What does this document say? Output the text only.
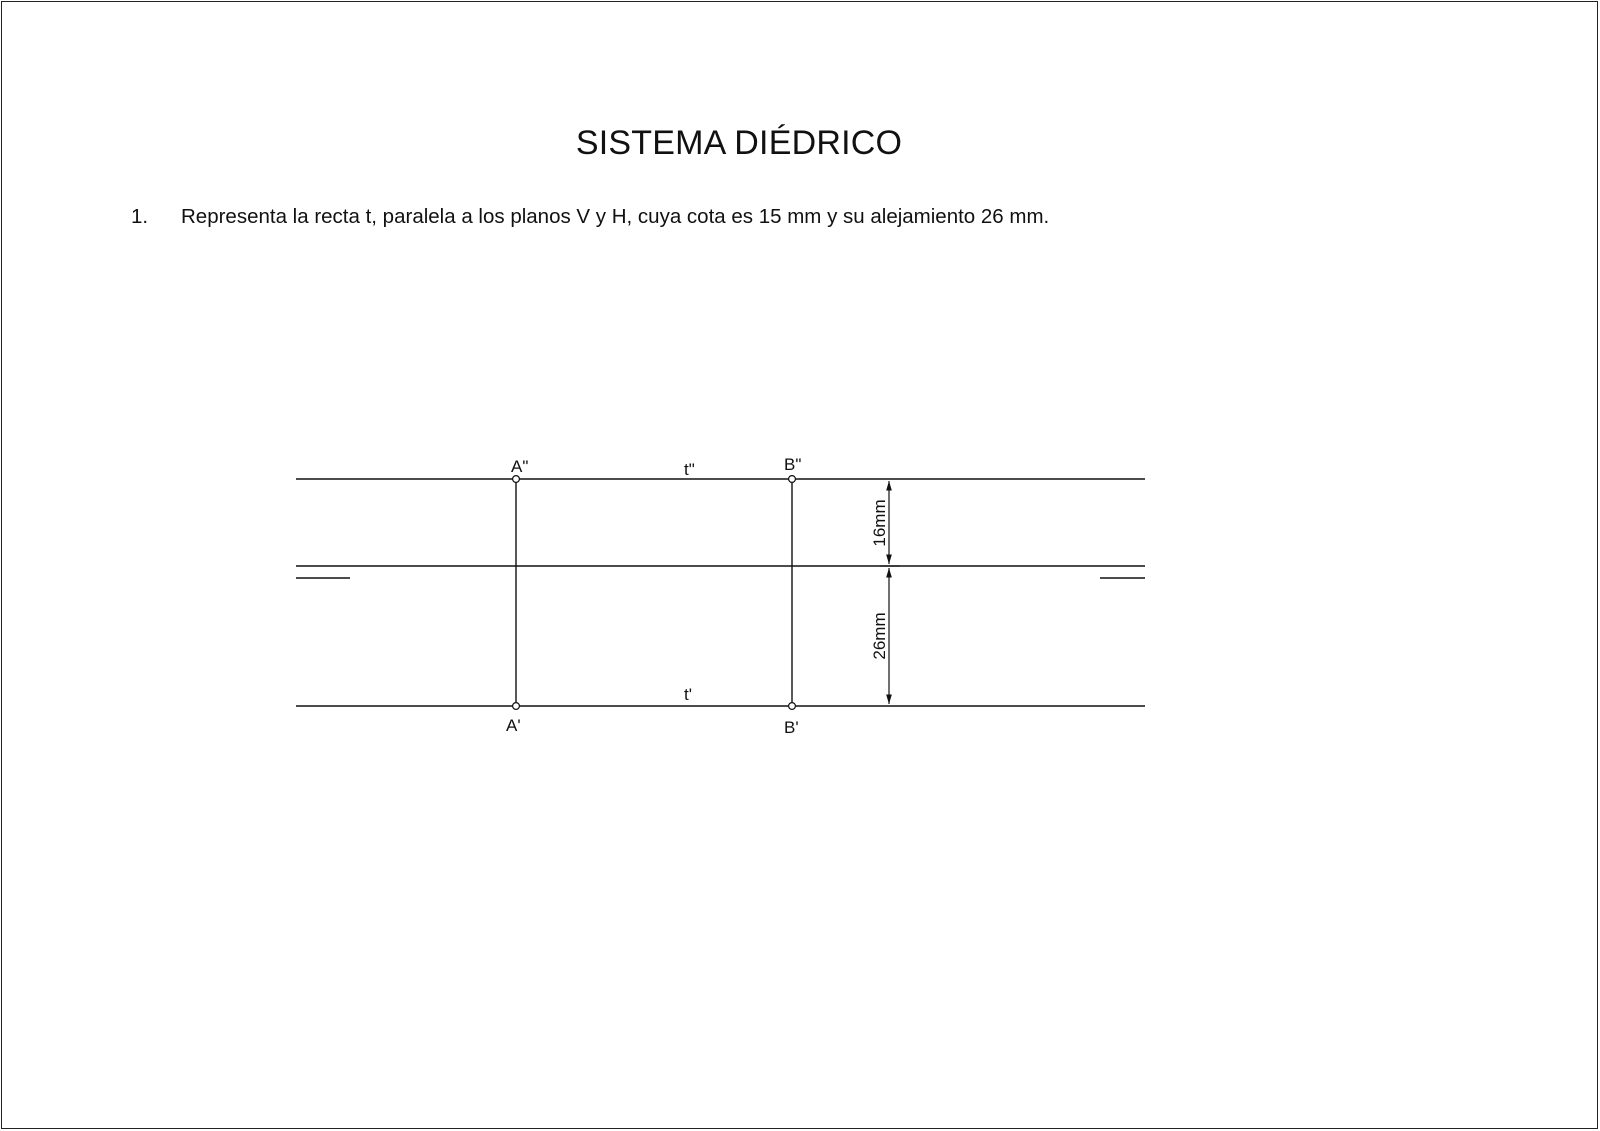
SISTEMA DIÉDRICO
1.	Representa la recta t, paralela a los planos V y H, cuya cota es 15 mm y su alejamiento 26 mm.
A"	B"
t"
A'	B'
t'
16mm
26mm
